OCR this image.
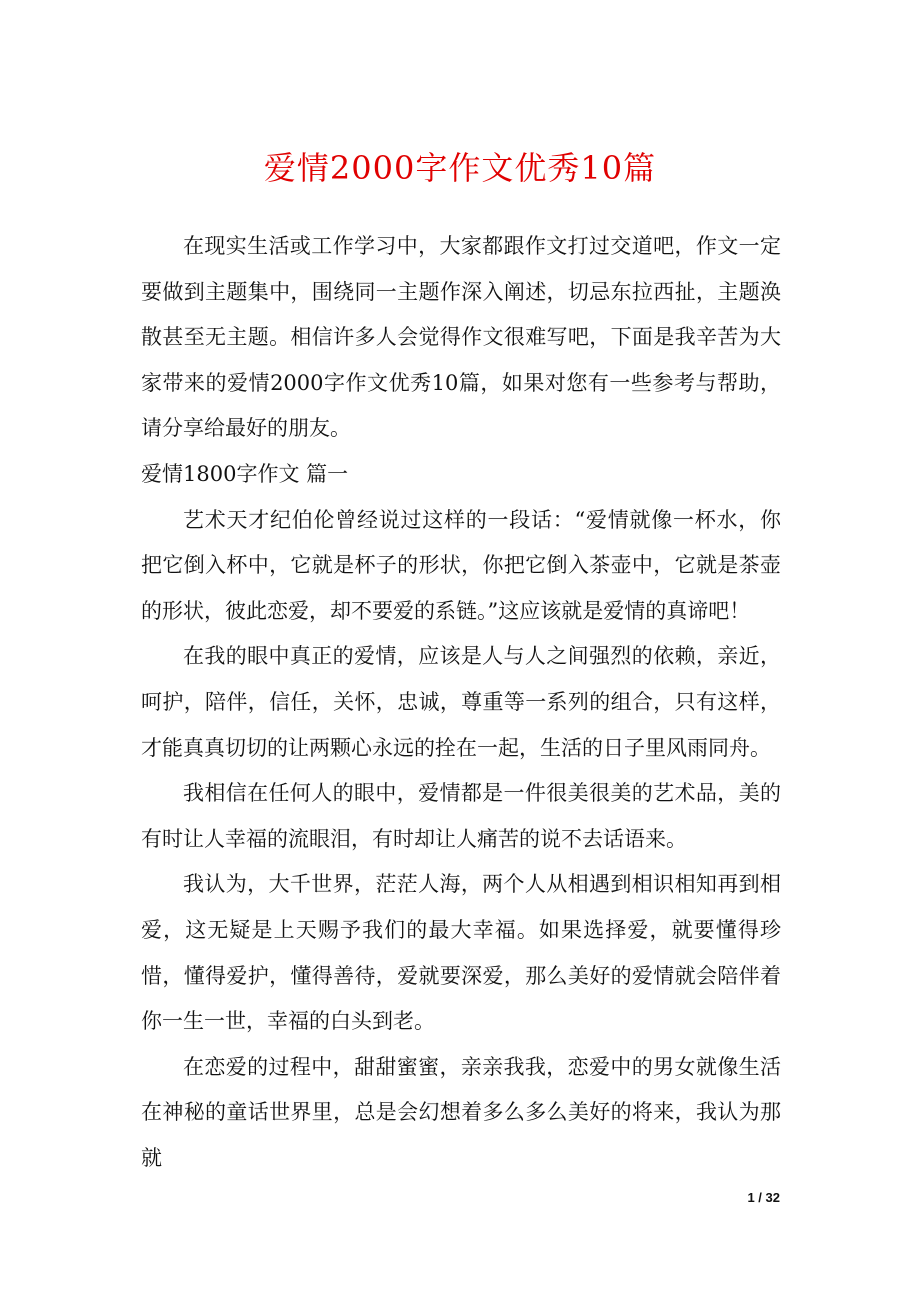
爱情2000字作文优秀10篇

在现实生活或工作学习中，大家都跟作文打过交道吧，作文一定要做到主题集中，围绕同一主题作深入阐述，切忌东拉西扯，主题涣散甚至无主题。相信许多人会觉得作文很难写吧，下面是我辛苦为大家带来的爱情2000字作文优秀10篇，如果对您有一些参考与帮助，请分享给最好的朋友。

爱情1800字作文 篇一

艺术天才纪伯伦曾经说过这样的一段话：“爱情就像一杯水，你把它倒入杯中，它就是杯子的形状，你把它倒入茶壶中，它就是茶壶的形状，彼此恋爱，却不要爱的系链。”这应该就是爱情的真谛吧！

在我的眼中真正的爱情，应该是人与人之间强烈的依赖，亲近，呵护，陪伴，信任，关怀，忠诚，尊重等一系列的组合，只有这样，才能真真切切的让两颗心永远的拴在一起，生活的日子里风雨同舟。

我相信在任何人的眼中，爱情都是一件很美很美的艺术品，美的有时让人幸福的流眼泪，有时却让人痛苦的说不去话语来。

我认为，大千世界，茫茫人海，两个人从相遇到相识相知再到相爱，这无疑是上天赐予我们的最大幸福。如果选择爱，就要懂得珍惜，懂得爱护，懂得善待，爱就要深爱，那么美好的爱情就会陪伴着你一生一世，幸福的白头到老。

在恋爱的过程中，甜甜蜜蜜，亲亲我我，恋爱中的男女就像生活在神秘的童话世界里，总是会幻想着多么多么美好的将来，我认为那就

1 / 32
